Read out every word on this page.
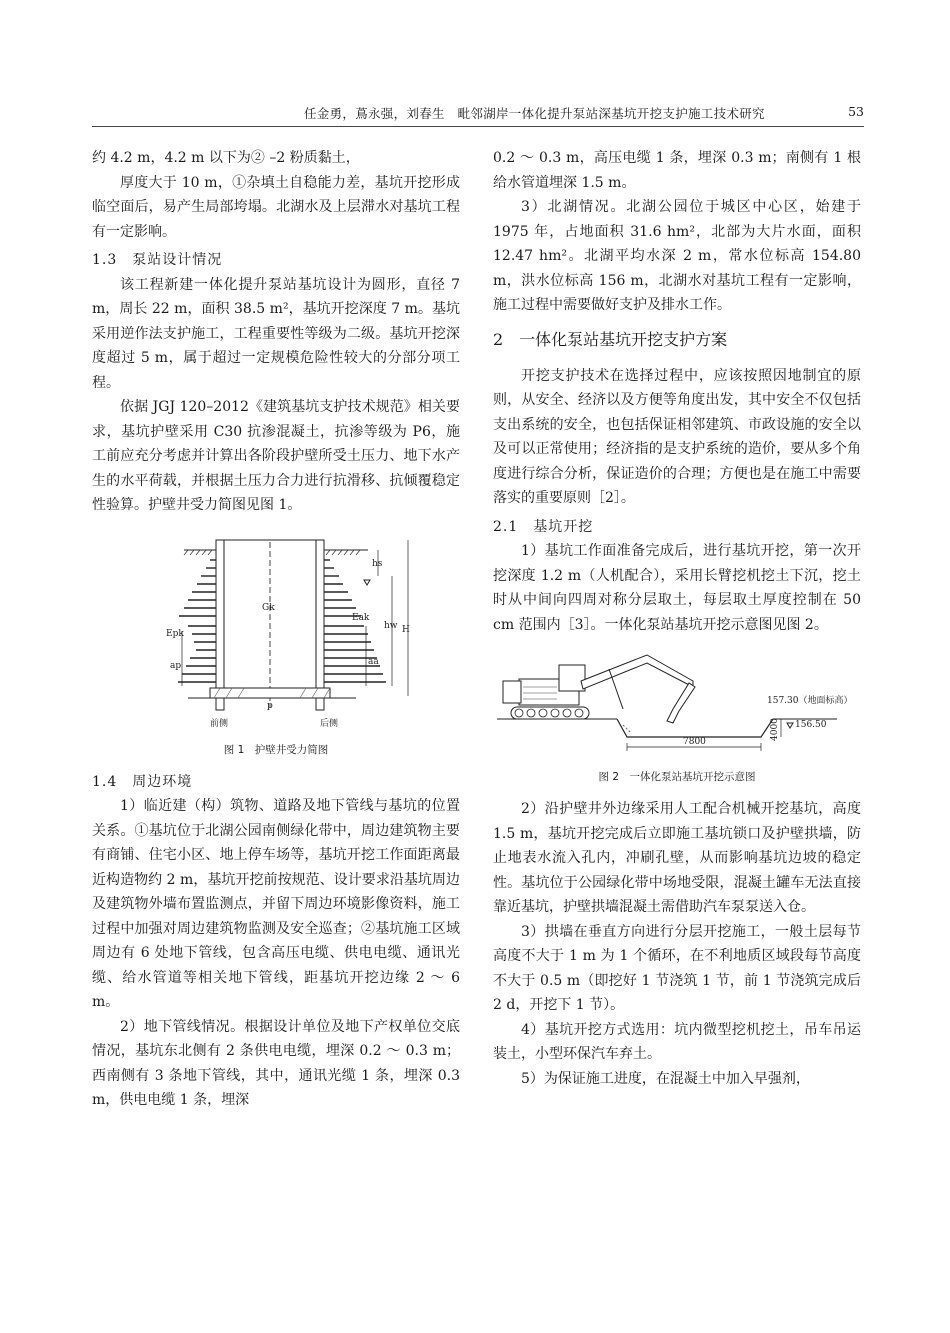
任金勇，蔦永强，刘春生　毗邻湖岸一体化提升泵站深基坑开挖支护施工技术研究	53

约 4.2 m，4.2 m 以下为② –2 粉质黏土，

厚度大于 10 m，①杂填土自稳能力差，基坑开挖形成临空面后，易产生局部垮塌。北湖水及上层滞水对基坑工程有一定影响。

1.3　泵站设计情况

该工程新建一体化提升泵站基坑设计为圆形，直径 7 m，周长 22 m，面积 38.5 m²，基坑开挖深度 7 m。基坑采用逆作法支护施工，工程重要性等级为二级。基坑开挖深度超过 5 m，属于超过一定规模危险性较大的分部分项工程。

依据 JGJ 120–2012《建筑基坑支护技术规范》相关要求，基坑护壁采用 C30 抗渗混凝土，抗渗等级为 P6，施工前应充分考虑并计算出各阶段护壁所受土压力、地下水产生的水平荷载，并根据土压力合力进行抗滑移、抗倾覆稳定性验算。护壁井受力简图见图 1。

hs
hw H
Gk
Epk
Eak
ap	aa
p
前侧	后侧
图 1　护壁井受力简图
1.4　周边环境

1）临近建（构）筑物、道路及地下管线与基坑的位置关系。①基坑位于北湖公园南侧绿化带中，周边建筑物主要有商铺、住宅小区、地上停车场等，基坑开挖工作面距离最近构造物约 2 m，基坑开挖前按规范、设计要求沿基坑周边及建筑物外墙布置监测点，并留下周边环境影像资料，施工过程中加强对周边建筑物监测及安全巡查；②基坑施工区域周边有 6 处地下管线，包含高压电缆、供电电缆、通讯光缆、给水管道等相关地下管线，距基坑开挖边缘 2 ～ 6 m。

2）地下管线情况。根据设计单位及地下产权单位交底情况，基坑东北侧有 2 条供电电缆，埋深 0.2 ～ 0.3 m；西南侧有 3 条地下管线，其中，通讯光缆 1 条，埋深 0.3 m，供电电缆 1 条，埋深

0.2 ～ 0.3 m，高压电缆 1 条，埋深 0.3 m；南侧有 1 根给水管道埋深 1.5 m。

3）北湖情况。北湖公园位于城区中心区，始建于 1975 年，占地面积 31.6 hm²，北部为大片水面，面积 12.47 hm²。北湖平均水深 2 m，常水位标高 154.80 m，洪水位标高 156 m，北湖水对基坑工程有一定影响，施工过程中需要做好支护及排水工作。

2　一体化泵站基坑开挖支护方案

开挖支护技术在选择过程中，应该按照因地制宜的原则，从安全、经济以及方便等角度出发，其中安全不仅包括支出系统的安全，也包括保证相邻建筑、市政设施的安全以及可以正常使用；经济指的是支护系统的造价，要从多个角度进行综合分析，保证造价的合理；方便也是在施工中需要落实的重要原则［2］。

2.1　基坑开挖

1）基坑工作面准备完成后，进行基坑开挖，第一次开挖深度 1.2 m（人机配合），采用长臂挖机挖土下沉，挖土时从中间向四周对称分层取土，每层取土厚度控制在 50 cm 范围内［3］。一体化泵站基坑开挖示意图见图 2。

7800
157.30（地面标高）
156.50
4000
图 2　一体化泵站基坑开挖示意图

2）沿护壁井外边缘采用人工配合机械开挖基坑，高度 1.5 m，基坑开挖完成后立即施工基坑锁口及护壁拱墙，防止地表水流入孔内，冲刷孔壁，从而影响基坑边坡的稳定性。基坑位于公园绿化带中场地受限，混凝土罐车无法直接靠近基坑，护壁拱墙混凝土需借助汽车泵泵送入仓。

3）拱墙在垂直方向进行分层开挖施工，一般土层每节高度不大于 1 m 为 1 个循环，在不利地质区域段每节高度不大于 0.5 m（即挖好 1 节浇筑 1 节，前 1 节浇筑完成后 2 d，开挖下 1 节）。

4）基坑开挖方式选用：坑内微型挖机挖土，吊车吊运装土，小型环保汽车弃土。

5）为保证施工进度，在混凝土中加入早强剂，
